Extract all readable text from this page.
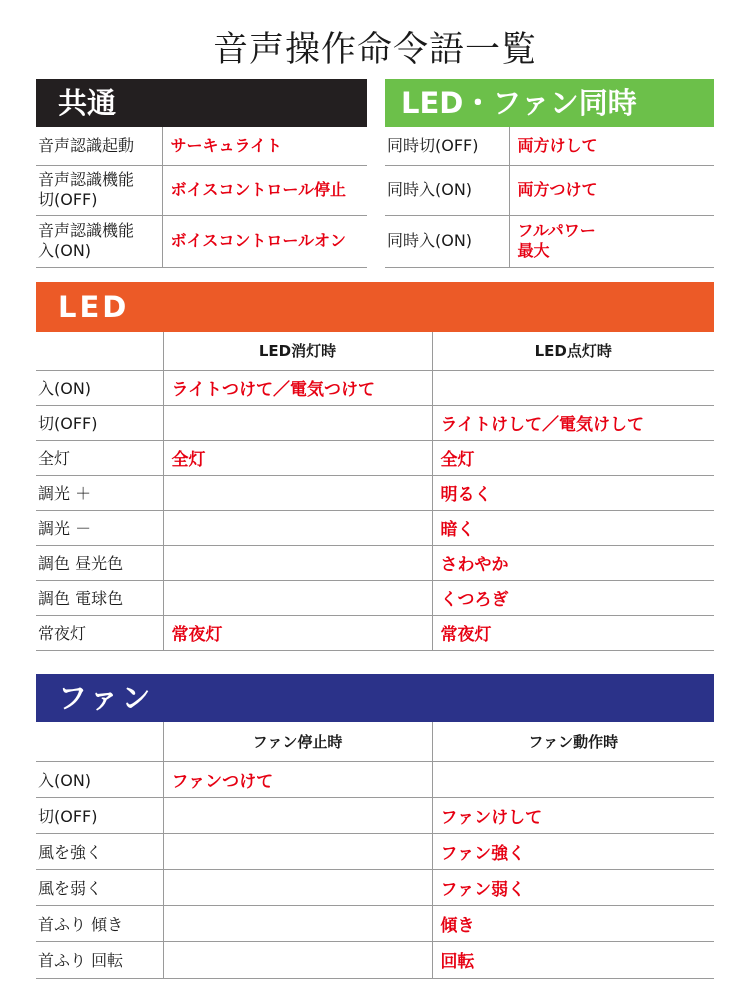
音声操作命令語一覧
共通
音声認識起動	サーキュライト
音声認識機能
切(OFF)	ボイスコントロール停止
音声認識機能
入(ON)	ボイスコントロールオン
LED・ファン同時
同時切(OFF)	両方けして
同時入(ON)	両方つけて
同時入(ON)	フルパワー
最大
LED
	LED消灯時	LED点灯時
入(ON)	ライトつけて／電気つけて	
切(OFF)		ライトけして／電気けして
全灯	全灯	全灯
調光 ＋		明るく
調光 －		暗く
調色 昼光色		さわやか
調色 電球色		くつろぎ
常夜灯	常夜灯	常夜灯
ファン
	ファン停止時	ファン動作時
入(ON)	ファンつけて	
切(OFF)		ファンけして
風を強く		ファン強く
風を弱く		ファン弱く
首ふり 傾き		傾き
首ふり 回転		回転
